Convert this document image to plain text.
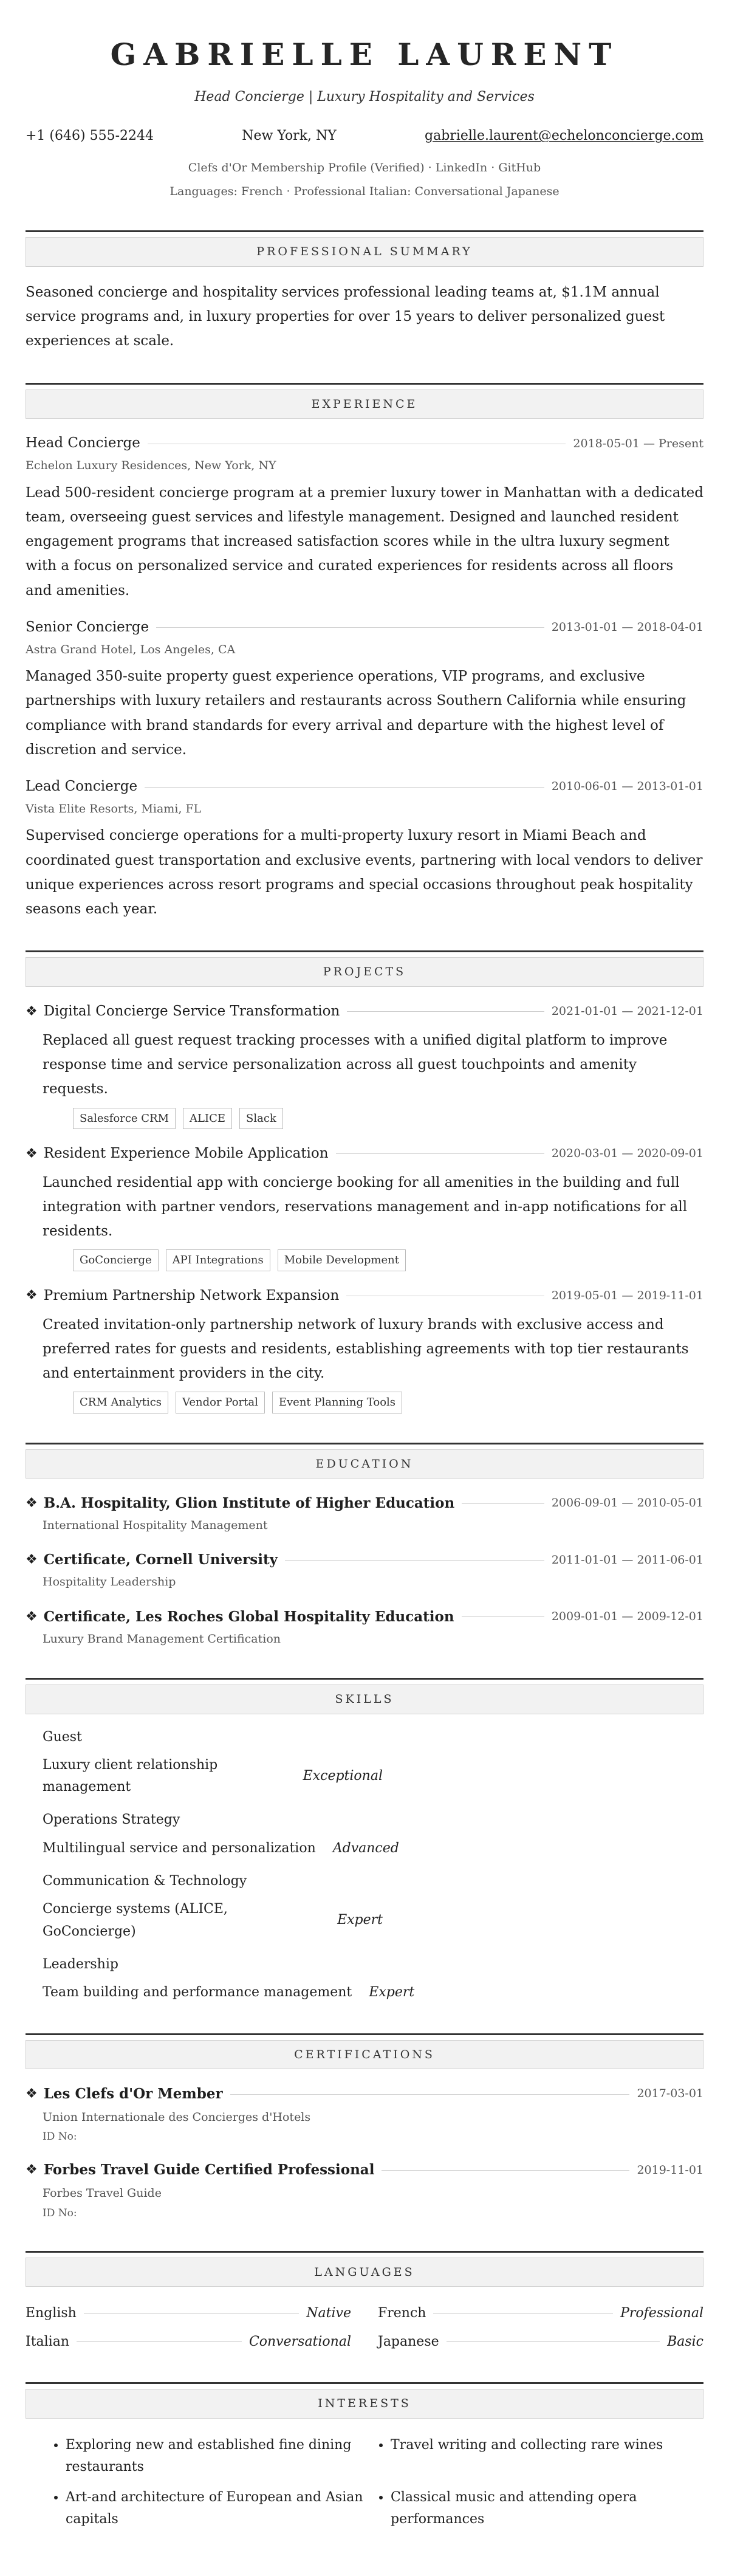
GABRIELLE LAURENT
Head Concierge | Luxury Hospitality and Services
+1 (646) 555-2244	New York, NY	gabrielle.laurent@echelonconcierge.com
Clefs d'Or Membership Profile (Verified) · LinkedIn · GitHub
Languages: French · Professional Italian: Conversational Japanese
PROFESSIONAL SUMMARY
Seasoned concierge and hospitality services professional leading teams at, $1.1M annual service programs and, in luxury properties for over 15 years to deliver personalized guest experiences at scale.
EXPERIENCE
Head Concierge	2018-05-01 — Present
Echelon Luxury Residences, New York, NY
Lead 500-resident concierge program at a premier luxury tower in Manhattan with a dedicated team, overseeing guest services and lifestyle management. Designed and launched resident engagement programs that increased satisfaction scores while in the ultra luxury segment with a focus on personalized service and curated experiences for residents across all floors and amenities.
Senior Concierge	2013-01-01 — 2018-04-01
Astra Grand Hotel, Los Angeles, CA
Managed 350-suite property guest experience operations, VIP programs, and exclusive partnerships with luxury retailers and restaurants across Southern California while ensuring compliance with brand standards for every arrival and departure with the highest level of discretion and service.
Lead Concierge	2010-06-01 — 2013-01-01
Vista Elite Resorts, Miami, FL
Supervised concierge operations for a multi-property luxury resort in Miami Beach and coordinated guest transportation and exclusive events, partnering with local vendors to deliver unique experiences across resort programs and special occasions throughout peak hospitality seasons each year.
PROJECTS
❖ Digital Concierge Service Transformation	2021-01-01 — 2021-12-01
Replaced all guest request tracking processes with a unified digital platform to improve response time and service personalization across all guest touchpoints and amenity requests.
Salesforce CRM	ALICE	Slack
❖ Resident Experience Mobile Application	2020-03-01 — 2020-09-01
Launched residential app with concierge booking for all amenities in the building and full integration with partner vendors, reservations management and in-app notifications for all residents.
GoConcierge	API Integrations	Mobile Development
❖ Premium Partnership Network Expansion	2019-05-01 — 2019-11-01
Created invitation-only partnership network of luxury brands with exclusive access and preferred rates for guests and residents, establishing agreements with top tier restaurants and entertainment providers in the city.
CRM Analytics	Vendor Portal	Event Planning Tools
EDUCATION
❖ B.A. Hospitality, Glion Institute of Higher Education	2006-09-01 — 2010-05-01
International Hospitality Management
❖ Certificate, Cornell University	2011-01-01 — 2011-06-01
Hospitality Leadership
❖ Certificate, Les Roches Global Hospitality Education	2009-01-01 — 2009-12-01
Luxury Brand Management Certification
SKILLS
Guest
Luxury client relationship management
Exceptional
Operations Strategy
Multilingual service and personalization Advanced
Communication & Technology
Concierge systems (ALICE, GoConcierge)
Expert
Leadership
Team building and performance management Expert
CERTIFICATIONS
❖ Les Clefs d'Or Member	2017-03-01
Union Internationale des Concierges d'Hotels
ID No:
❖ Forbes Travel Guide Certified Professional	2019-11-01
Forbes Travel Guide
ID No:
LANGUAGES
English	Native French	Professional
Italian	Conversational Japanese	Basic
INTERESTS
• Exploring new and established fine dining restaurants
• Travel writing and collecting rare wines
• Art-and architecture of European and Asian capitals
• Classical music and attending opera performances
